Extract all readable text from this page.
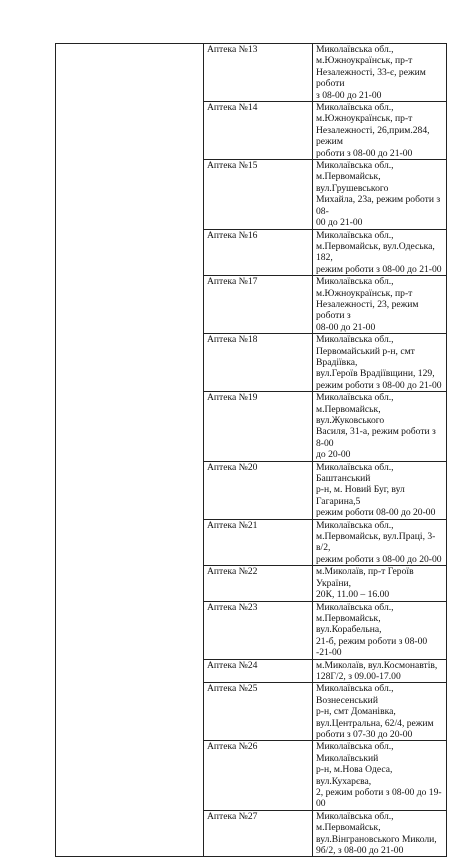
	Аптека №13	Миколаївська обл.,
м.Южноукраїнськ, пр-т
Незалежності, 33-є, режим роботи
з 08-00 до 21-00

	Аптека №14	Миколаївська обл.,
м.Южноукраїнськ, пр-т
Незалежності, 26,прим.284, режим
роботи з 08-00 до 21-00

	Аптека №15	Миколаївська обл.,
м.Первомайськ, вул.Грушевського
Михайла, 23а, режим роботи з 08-
00 до 21-00

	Аптека №16	Миколаївська обл.,
м.Первомайськ, вул.Одеська, 182,
режим роботи з 08-00 до 21-00

	Аптека №17	Миколаївська обл.,
м.Южноукраїнськ, пр-т
Незалежності, 23, режим роботи з
08-00 до 21-00

	Аптека №18	Миколаївська обл.,
Первомайський р-н, смт Врадіївка,
вул.Героїв Врадіївщини, 129,
режим роботи з 08-00 до 21-00

	Аптека №19	Миколаївська обл.,
м.Первомайськ, вул.Жуковського
Василя, 31-а, режим роботи з 8-00
до 20-00

	Аптека №20	Миколаївська обл., Баштанський
р-н, м. Новий Буг, вул Гагарина,5
режим роботи 08-00 до 20-00

	Аптека №21	Миколаївська обл.,
м.Первомайськ, вул.Праці, 3-в/2,
режим роботи з 08-00 до 20-00

	Аптека №22	м.Миколаїв, пр-т Героїв України,
20К, 11.00 – 16.00

	Аптека №23	Миколаївська обл.,
м.Первомайськ, вул.Корабельна,
21-б, режим роботи з 08-00 -21-00

	Аптека №24	м.Миколаїв, вул.Космонавтів,
128Г/2, з 09.00-17.00

	Аптека №25	Миколаївська обл., Вознесенський
р-н, смт Доманівка,
вул.Центральна, 62/4, режим
роботи з 07-30 до 20-00

	Аптека №26	Миколаївська обл., Миколаївський
р-н, м.Нова Одеса, вул.Кухарєва,
2, режим роботи з 08-00 до 19-00

	Аптека №27	Миколаївська обл.,
м.Первомайськ,
вул.Вінграновського Миколи,
9б/2, з 08-00 до 21-00
